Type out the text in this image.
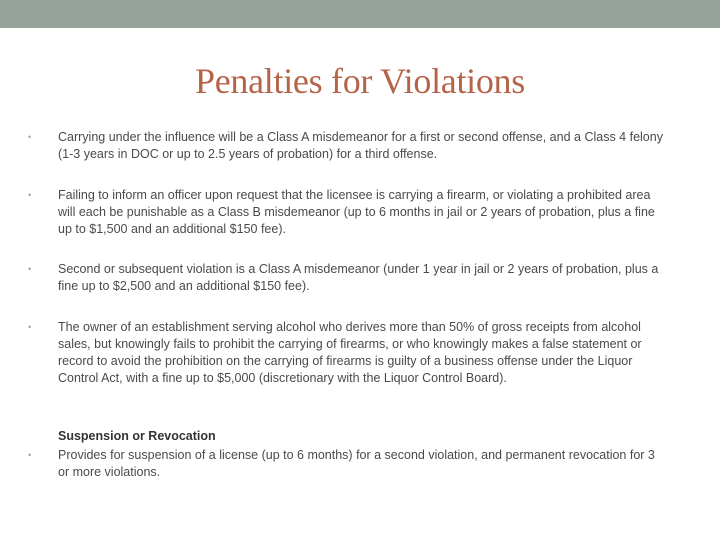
Penalties for Violations
•	Carrying under the influence will be a Class A misdemeanor for a first or second offense, and a Class 4 felony (1-3 years in DOC or up to 2.5 years of probation) for a third offense.
•	Failing to inform an officer upon request that the licensee is carrying a firearm, or violating a prohibited area will each be punishable as a Class B misdemeanor (up to 6 months in jail or 2 years of probation, plus a fine up to $1,500 and an additional $150 fee).
•	Second or subsequent violation is a Class A misdemeanor (under 1 year in jail or 2 years of probation, plus a fine up to $2,500 and an additional $150 fee).
•	The owner of an establishment serving alcohol who derives more than 50% of gross receipts from alcohol sales, but knowingly fails to prohibit the carrying of firearms, or who knowingly makes a false statement or record to avoid the prohibition on the carrying of firearms is guilty of a business offense under the Liquor Control Act, with a fine up to $5,000 (discretionary with the Liquor Control Board).
Suspension or Revocation
•	Provides for suspension of a license (up to 6 months) for a second violation, and permanent revocation for 3 or more violations.
